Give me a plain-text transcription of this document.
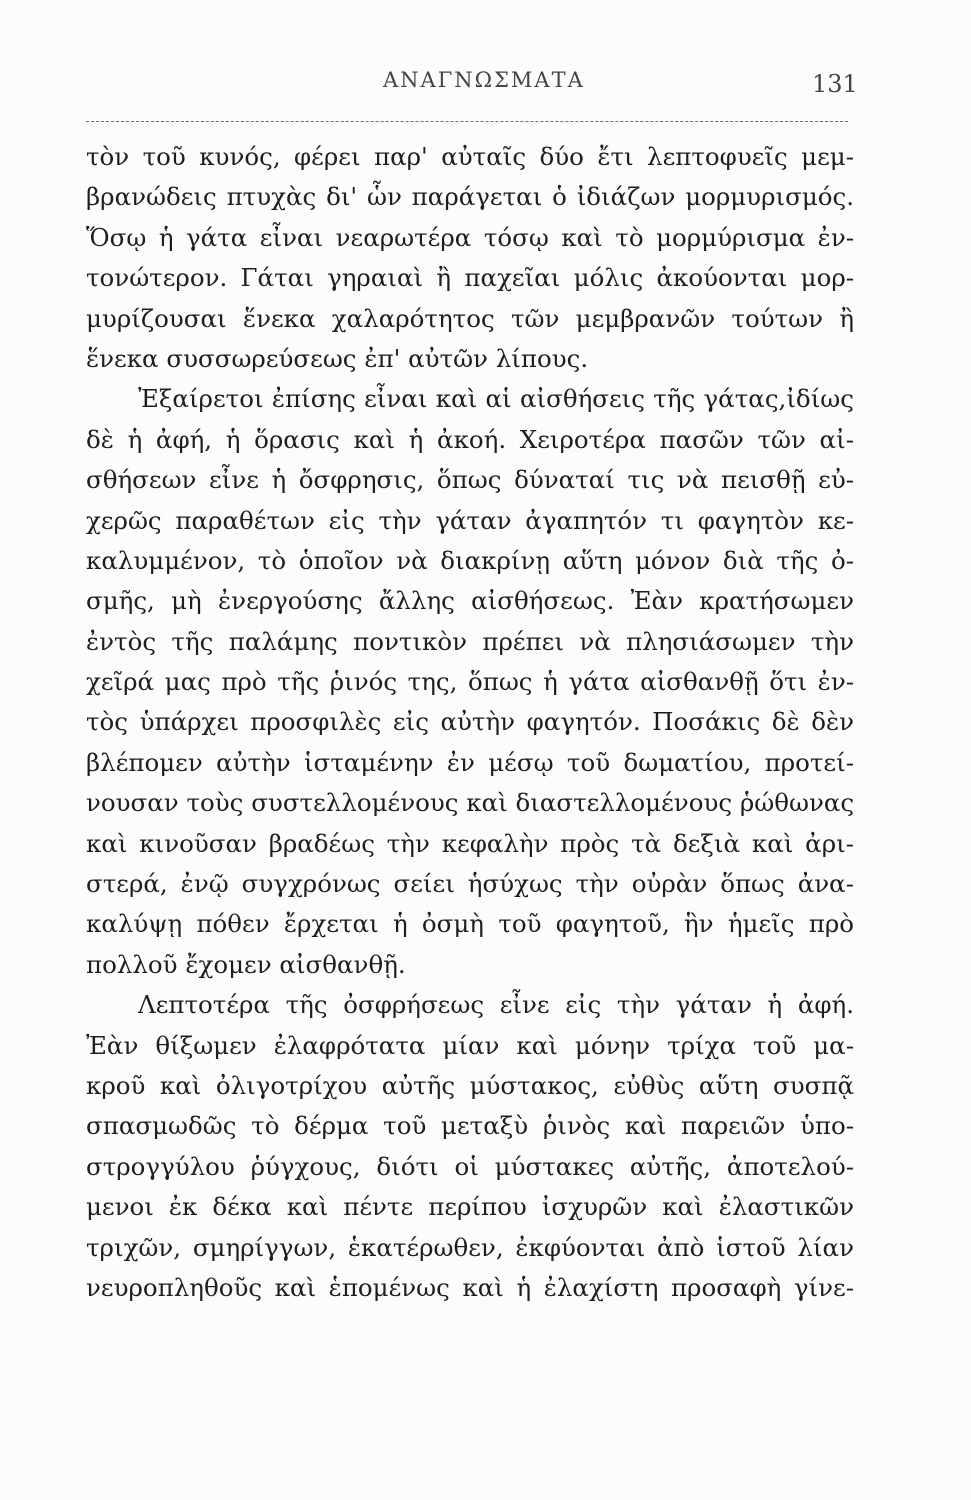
ΑΝΑΓΝΩΣΜΑΤΑ	131
τὸν τοῦ κυνός, φέρει παρ' αὐταῖς δύο ἔτι λεπτοφυεῖς μεμ-
βρανώδεις πτυχὰς δι' ὧν παράγεται ὁ ἰδιάζων μορμυρισμός.
Ὅσῳ ἡ γάτα εἶναι νεαρωτέρα τόσῳ καὶ τὸ μορμύρισμα ἐν-
τονώτερον. Γάται γηραιαὶ ἢ παχεῖαι μόλις ἀκούονται μορ-
μυρίζουσαι ἕνεκα χαλαρότητος τῶν μεμβρανῶν τούτων ἢ
ἕνεκα συσσωρεύσεως ἐπ' αὐτῶν λίπους.
Ἐξαίρετοι ἐπίσης εἶναι καὶ αἱ αἰσθήσεις τῆς γάτας,ἰδίως
δὲ ἡ ἀφή, ἡ ὅρασις καὶ ἡ ἀκοή. Χειροτέρα πασῶν τῶν αἰ-
σθήσεων εἶνε ἡ ὄσφρησις, ὅπως δύναταί τις νὰ πεισθῇ εὐ-
χερῶς παραθέτων εἰς τὴν γάταν ἀγαπητόν τι φαγητὸν κε-
καλυμμένον, τὸ ὁποῖον νὰ διακρίνῃ αὕτη μόνον διὰ τῆς ὀ-
σμῆς, μὴ ἐνεργούσης ἄλλης αἰσθήσεως. Ἐὰν κρατήσωμεν
ἐντὸς τῆς παλάμης ποντικὸν πρέπει νὰ πλησιάσωμεν τὴν
χεῖρά μας πρὸ τῆς ῥινός της, ὅπως ἡ γάτα αἰσθανθῇ ὅτι ἐν-
τὸς ὑπάρχει προσφιλὲς εἰς αὐτὴν φαγητόν. Ποσάκις δὲ δὲν
βλέπομεν αὐτὴν ἱσταμένην ἐν μέσῳ τοῦ δωματίου, προτεί-
νουσαν τοὺς συστελλομένους καὶ διαστελλομένους ῥώθωνας
καὶ κινοῦσαν βραδέως τὴν κεφαλὴν πρὸς τὰ δεξιὰ καὶ ἀρι-
στερά, ἐνῷ συγχρόνως σείει ἡσύχως τὴν οὐρὰν ὅπως ἀνα-
καλύψῃ πόθεν ἔρχεται ἡ ὀσμὴ τοῦ φαγητοῦ, ἣν ἡμεῖς πρὸ
πολλοῦ ἔχομεν αἰσθανθῇ.
Λεπτοτέρα τῆς ὀσφρήσεως εἶνε εἰς τὴν γάταν ἡ ἀφή.
Ἐὰν θίξωμεν ἐλαφρότατα μίαν καὶ μόνην τρίχα τοῦ μα-
κροῦ καὶ ὀλιγοτρίχου αὐτῆς μύστακος, εὐθὺς αὕτη συσπᾷ
σπασμωδῶς τὸ δέρμα τοῦ μεταξὺ ῥινὸς καὶ παρειῶν ὑπο-
στρογγύλου ῥύγχους, διότι οἱ μύστακες αὐτῆς, ἀποτελού-
μενοι ἐκ δέκα καὶ πέντε περίπου ἰσχυρῶν καὶ ἐλαστικῶν
τριχῶν, σμηρίγγων, ἑκατέρωθεν, ἐκφύονται ἀπὸ ἱστοῦ λίαν
νευροπληθοῦς καὶ ἑπομένως καὶ ἡ ἐλαχίστη προσαφὴ γίνε-
